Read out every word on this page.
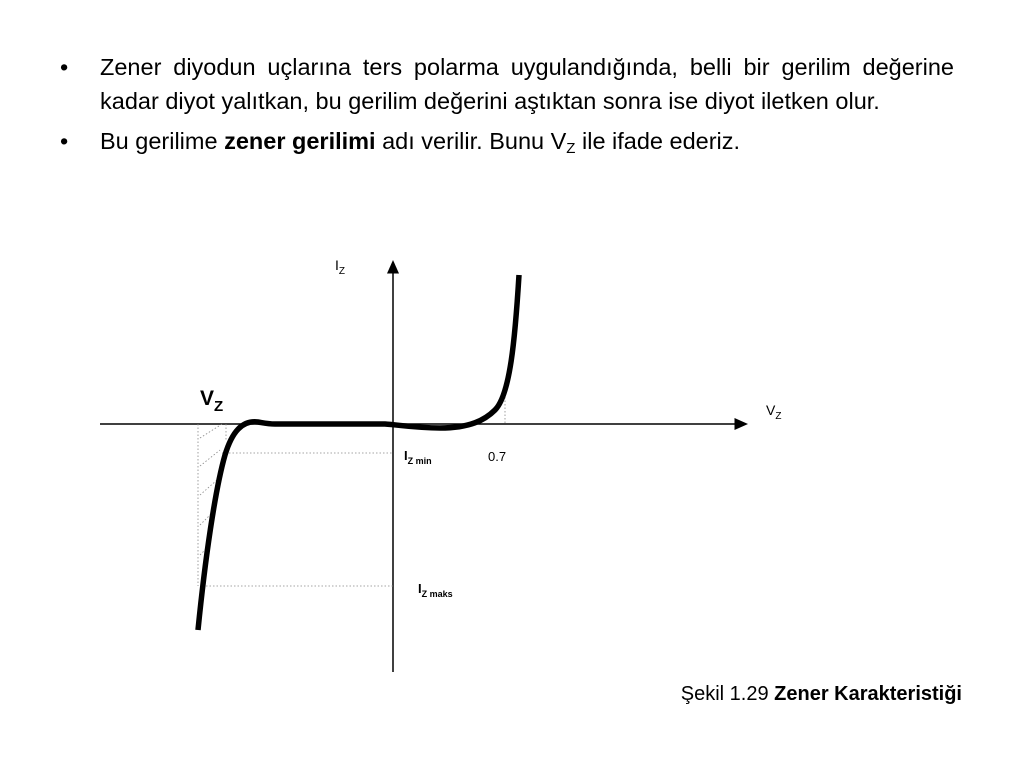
• Zener diyodun uçlarına ters polarma uygulandığında, belli bir gerilim değerine kadar diyot yalıtkan, bu gerilim değerini aştıktan sonra ise diyot iletken olur.
• Bu gerilime zener gerilimi adı verilir. Bunu $V_Z$ ile ifade ederiz.
$I_Z$
$V_Z$
$V_Z$
$I_{Z min}$
$I_{Z maks}$
0.7
Şekil 1.29 Zener Karakteristiği
